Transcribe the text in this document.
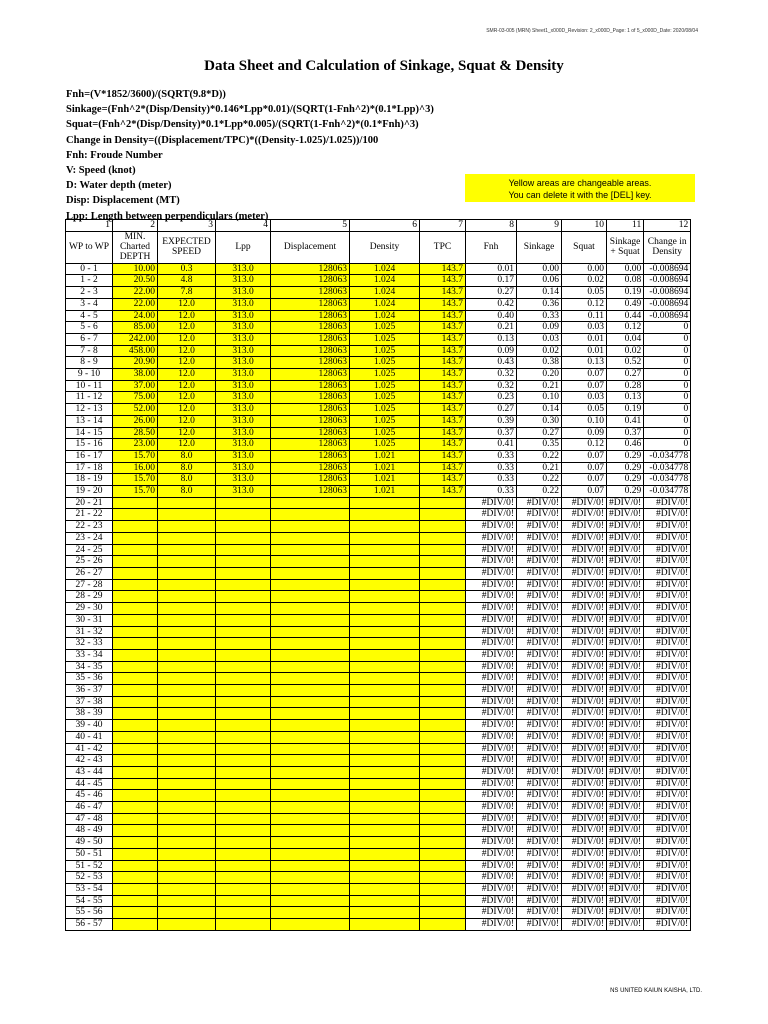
SMR-03-005 (MRN) Sheet1_x000D_Revision: 2_x000D_Page: 1 of 5_x000D_Date: 2020/08/04
Data Sheet and Calculation of Sinkage, Squat & Density
Fnh=(V*1852/3600)/(SQRT(9.8*D))
Sinkage=(Fnh^2*(Disp/Density)*0.146*Lpp*0.01)/(SQRT(1-Fnh^2)*(0.1*Lpp)^3)
Squat=(Fnh^2*(Disp/Density)*0.1*Lpp*0.005)/(SQRT(1-Fnh^2)*(0.1*Fnh)^3)
Change in Density=((Displacement/TPC)*((Density-1.025)/1.025))/100
Fnh: Froude Number
V: Speed (knot)
D: Water depth (meter)
Disp: Displacement (MT)
Lpp: Length between perpendiculars (meter)
Yellow areas are changeable areas.
You can delete it with the [DEL] key.
1	2	3	4	5	6	7	8	9	10	11	12
WP to WP	MIN. Charted DEPTH	EXPECTED SPEED	Lpp	Displacement	Density	TPC	Fnh	Sinkage	Squat	Sinkage + Squat	Change in Density
0 - 1	10.00	0.3	313.0	128063	1.024	143.7	0.01	0.00	0.00	0.00	-0.008694
1 - 2	20.50	4.8	313.0	128063	1.024	143.7	0.17	0.06	0.02	0.08	-0.008694
2 - 3	22.00	7.8	313.0	128063	1.024	143.7	0.27	0.14	0.05	0.19	-0.008694
3 - 4	22.00	12.0	313.0	128063	1.024	143.7	0.42	0.36	0.12	0.49	-0.008694
4 - 5	24.00	12.0	313.0	128063	1.024	143.7	0.40	0.33	0.11	0.44	-0.008694
5 - 6	85.00	12.0	313.0	128063	1.025	143.7	0.21	0.09	0.03	0.12	0
6 - 7	242.00	12.0	313.0	128063	1.025	143.7	0.13	0.03	0.01	0.04	0
7 - 8	458.00	12.0	313.0	128063	1.025	143.7	0.09	0.02	0.01	0.02	0
8 - 9	20.90	12.0	313.0	128063	1.025	143.7	0.43	0.38	0.13	0.52	0
9 - 10	38.00	12.0	313.0	128063	1.025	143.7	0.32	0.20	0.07	0.27	0
10 - 11	37.00	12.0	313.0	128063	1.025	143.7	0.32	0.21	0.07	0.28	0
11 - 12	75.00	12.0	313.0	128063	1.025	143.7	0.23	0.10	0.03	0.13	0
12 - 13	52.00	12.0	313.0	128063	1.025	143.7	0.27	0.14	0.05	0.19	0
13 - 14	26.00	12.0	313.0	128063	1.025	143.7	0.39	0.30	0.10	0.41	0
14 - 15	28.50	12.0	313.0	128063	1.025	143.7	0.37	0.27	0.09	0.37	0
15 - 16	23.00	12.0	313.0	128063	1.025	143.7	0.41	0.35	0.12	0.46	0
16 - 17	15.70	8.0	313.0	128063	1.021	143.7	0.33	0.22	0.07	0.29	-0.034778
17 - 18	16.00	8.0	313.0	128063	1.021	143.7	0.33	0.21	0.07	0.29	-0.034778
18 - 19	15.70	8.0	313.0	128063	1.021	143.7	0.33	0.22	0.07	0.29	-0.034778
19 - 20	15.70	8.0	313.0	128063	1.021	143.7	0.33	0.22	0.07	0.29	-0.034778
20 - 21							#DIV/0!	#DIV/0!	#DIV/0!	#DIV/0!	#DIV/0!
21 - 22							#DIV/0!	#DIV/0!	#DIV/0!	#DIV/0!	#DIV/0!
22 - 23							#DIV/0!	#DIV/0!	#DIV/0!	#DIV/0!	#DIV/0!
23 - 24							#DIV/0!	#DIV/0!	#DIV/0!	#DIV/0!	#DIV/0!
24 - 25							#DIV/0!	#DIV/0!	#DIV/0!	#DIV/0!	#DIV/0!
25 - 26							#DIV/0!	#DIV/0!	#DIV/0!	#DIV/0!	#DIV/0!
26 - 27							#DIV/0!	#DIV/0!	#DIV/0!	#DIV/0!	#DIV/0!
27 - 28							#DIV/0!	#DIV/0!	#DIV/0!	#DIV/0!	#DIV/0!
28 - 29							#DIV/0!	#DIV/0!	#DIV/0!	#DIV/0!	#DIV/0!
29 - 30							#DIV/0!	#DIV/0!	#DIV/0!	#DIV/0!	#DIV/0!
30 - 31							#DIV/0!	#DIV/0!	#DIV/0!	#DIV/0!	#DIV/0!
31 - 32							#DIV/0!	#DIV/0!	#DIV/0!	#DIV/0!	#DIV/0!
32 - 33							#DIV/0!	#DIV/0!	#DIV/0!	#DIV/0!	#DIV/0!
33 - 34							#DIV/0!	#DIV/0!	#DIV/0!	#DIV/0!	#DIV/0!
34 - 35							#DIV/0!	#DIV/0!	#DIV/0!	#DIV/0!	#DIV/0!
35 - 36							#DIV/0!	#DIV/0!	#DIV/0!	#DIV/0!	#DIV/0!
36 - 37							#DIV/0!	#DIV/0!	#DIV/0!	#DIV/0!	#DIV/0!
37 - 38							#DIV/0!	#DIV/0!	#DIV/0!	#DIV/0!	#DIV/0!
38 - 39							#DIV/0!	#DIV/0!	#DIV/0!	#DIV/0!	#DIV/0!
39 - 40							#DIV/0!	#DIV/0!	#DIV/0!	#DIV/0!	#DIV/0!
40 - 41							#DIV/0!	#DIV/0!	#DIV/0!	#DIV/0!	#DIV/0!
41 - 42							#DIV/0!	#DIV/0!	#DIV/0!	#DIV/0!	#DIV/0!
42 - 43							#DIV/0!	#DIV/0!	#DIV/0!	#DIV/0!	#DIV/0!
43 - 44							#DIV/0!	#DIV/0!	#DIV/0!	#DIV/0!	#DIV/0!
44 - 45							#DIV/0!	#DIV/0!	#DIV/0!	#DIV/0!	#DIV/0!
45 - 46							#DIV/0!	#DIV/0!	#DIV/0!	#DIV/0!	#DIV/0!
46 - 47							#DIV/0!	#DIV/0!	#DIV/0!	#DIV/0!	#DIV/0!
47 - 48							#DIV/0!	#DIV/0!	#DIV/0!	#DIV/0!	#DIV/0!
48 - 49							#DIV/0!	#DIV/0!	#DIV/0!	#DIV/0!	#DIV/0!
49 - 50							#DIV/0!	#DIV/0!	#DIV/0!	#DIV/0!	#DIV/0!
50 - 51							#DIV/0!	#DIV/0!	#DIV/0!	#DIV/0!	#DIV/0!
51 - 52							#DIV/0!	#DIV/0!	#DIV/0!	#DIV/0!	#DIV/0!
52 - 53							#DIV/0!	#DIV/0!	#DIV/0!	#DIV/0!	#DIV/0!
53 - 54							#DIV/0!	#DIV/0!	#DIV/0!	#DIV/0!	#DIV/0!
54 - 55							#DIV/0!	#DIV/0!	#DIV/0!	#DIV/0!	#DIV/0!
55 - 56							#DIV/0!	#DIV/0!	#DIV/0!	#DIV/0!	#DIV/0!
56 - 57							#DIV/0!	#DIV/0!	#DIV/0!	#DIV/0!	#DIV/0!
NS UNITED KAIUN KAISHA, LTD.
